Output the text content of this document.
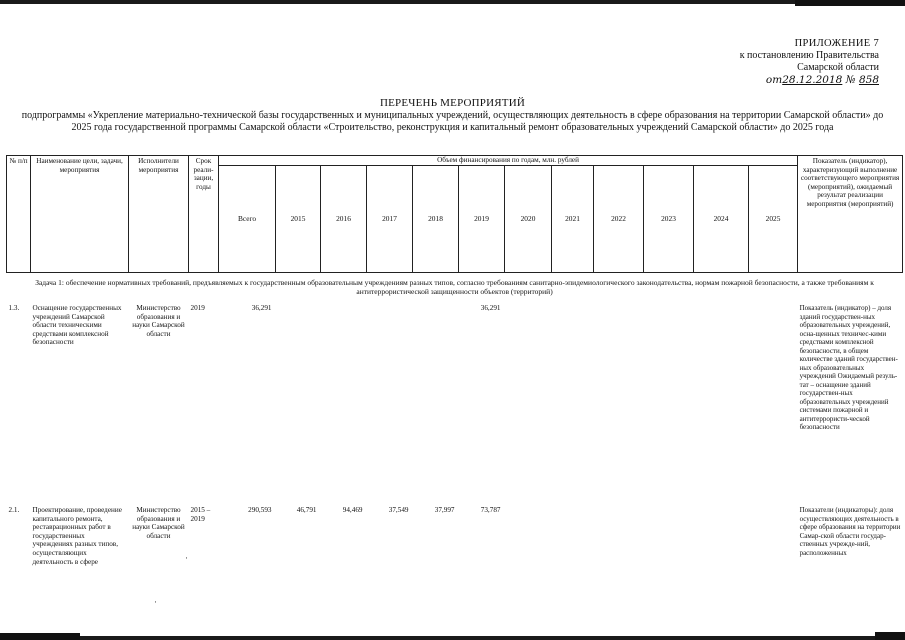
ПРИЛОЖЕНИЕ 7
к постановлению Правительства
Самарской области
от28.12.2018 № 858
ПЕРЕЧЕНЬ МЕРОПРИЯТИЙ
подпрограммы «Укрепление материально-технической базы государственных и муниципальных учреждений, осуществляющих деятельность в сфере образования на территории Самарской области» до 2025 года государственной программы Самарской области «Строительство, реконструкция и капитальный ремонт образовательных учреждений Самарской области» до 2025 года
№ п/п	Наименование цели, задачи, мероприятия	Исполнители мероприятия	Срок реали-зации, годы	Объем финансирования по годам, млн. рублей												Показатель (индикатор), характеризующий выполнение соответствующего мероприятия (мероприятий), ожидаемый результат реализации мероприятия (мероприятий)
				Всего	2015	2016	2017	2018	2019	2020	2021	2022	2023	2024	2025	
Задача 1: обеспечение нормативных требований, предъявляемых к государственным образовательным учреждениям разных типов, согласно требованиям санитарно-эпидемиологического законодательства, нормам пожарной безопасности, а также требованиям к антитеррористической защищенности объектов (территорий)																
1.3.	Оснащение государственных учреждений Самарской области техническими средствами комплексной безопасности	Министерство образования и науки Самарской области	2019	36,291					36,291							Показатель (индикатор) – доля зданий государствен-ных образовательных учреждений, осна-щенных техничес-кими средствами комплексной безопасности, в общем количестве зданий государствен-ных образовательных учреждений Ожидаемый резуль-тат – оснащение зданий государствен-ных образовательных учреждений системами пожарной и антитеррористи-ческой безопасности
2.1.	Проектирование, проведение капитального ремонта, реставрационных работ в государственных учреждениях разных типов, осуществляющих деятельность в сфере	Министерство образования и науки Самарской области	2015 – 2019	290,593	46,791	94,469	37,549	37,997	73,787							Показатели (индикаторы): доля осуществляющих деятельность в сфере образования на территории Самар-ской области государ-ственных учрежде-ний, расположенных
·
·
